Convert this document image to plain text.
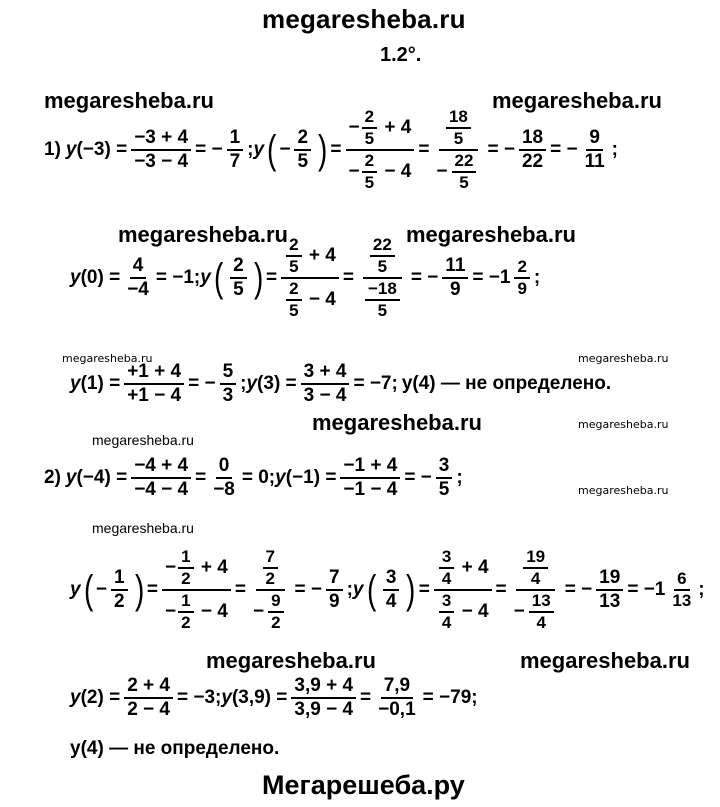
megaresheba.ru
1.2°.
megaresheba.ru	megaresheba.ru
megaresheba.ru	megaresheba.ru
megaresheba.ru	megaresheba.ru
megaresheba.ru	megaresheba.ru
megaresheba.ru
megaresheba.ru
megaresheba.ru
megaresheba.ru	megaresheba.ru
Мегарешеба.ру
1) y $(-3) = \frac{-3 + 4}{-3 - 4}$ = − $\frac{1}{7}$ ; y ( − $\frac{2}{5}$ ) = $\frac{- \frac{2}{5} + 4}{- \frac{2}{5} - 4} = \frac{\frac{18}{5}}{- \frac{22}{5}}$ = − $\frac{18}{22}$ = − $\frac{9}{11}$ ;
y $(0) = \frac{4}{-4} = -1$; y ( $\frac{2}{5}$ ) = $\frac{\frac{2}{5} + 4}{\frac{2}{5} - 4} = \frac{\frac{22}{5}}{\frac{-18}{5}}$ = − $\frac{11}{9} = -1 \frac{2}{9}$ ;
y $(1) = \frac{+1 + 4}{+1 - 4}$ = − $\frac{5}{3}$ ; y $(3) = \frac{3 + 4}{3 - 4} = -7$; y(4) — не определено.
2) y $(-4) = \frac{-4 + 4}{-4 - 4} = \frac{0}{-8} = 0$; y $(-1) = \frac{-1 + 4}{-1 - 4}$ = − $\frac{3}{5}$ ;
y ( − $\frac{1}{2}$ ) = $\frac{- \frac{1}{2} + 4}{- \frac{1}{2} - 4} = \frac{\frac{7}{2}}{- \frac{9}{2}}$ = − $\frac{7}{9}$ ; y ( $\frac{3}{4}$ ) = $\frac{\frac{3}{4} + 4}{\frac{3}{4} - 4} = \frac{\frac{19}{4}}{- \frac{13}{4}}$ = − $\frac{19}{13} = -1 \frac{6}{13}$ ;
y $(2) = \frac{2 + 4}{2 - 4} = -3$; y $(3,9) = \frac{3,9 + 4}{3,9 - 4} = \frac{7,9}{-0,1} = -79$;
y(4) — не определено.
